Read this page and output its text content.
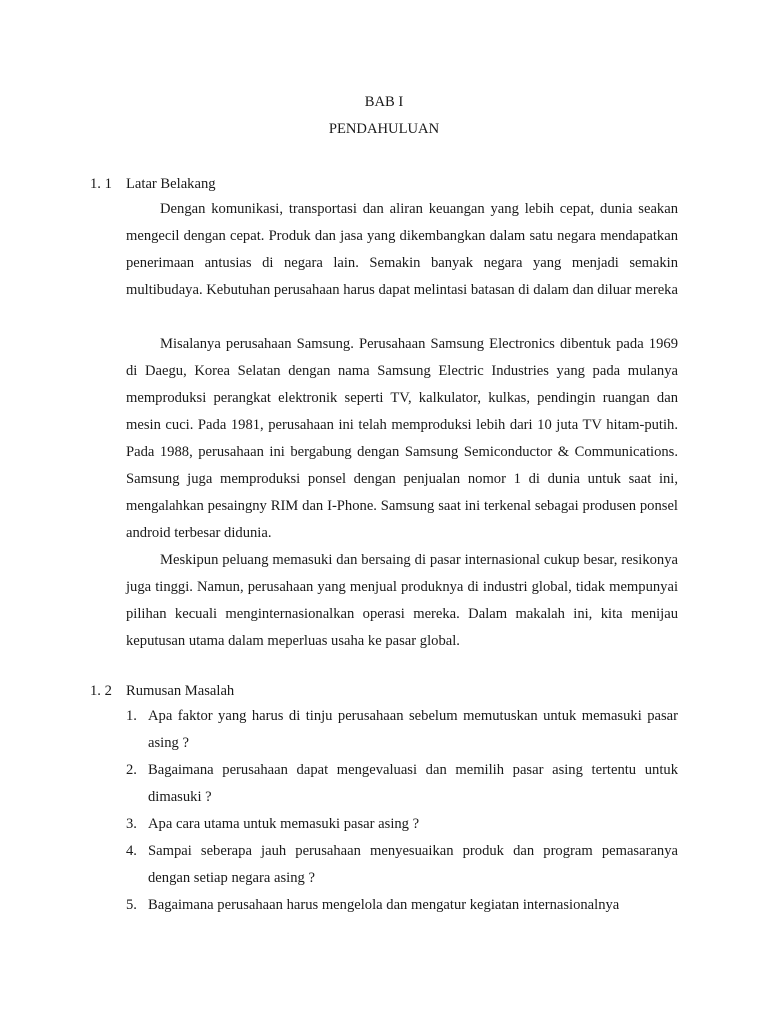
BAB I
PENDAHULUAN
1. 1 Latar Belakang

Dengan komunikasi, transportasi dan aliran keuangan yang lebih cepat, dunia seakan mengecil dengan cepat. Produk dan jasa yang dikembangkan dalam satu negara mendapatkan penerimaan antusias di negara lain. Semakin banyak negara yang menjadi semakin multibudaya. Kebutuhan perusahaan harus dapat melintasi batasan di dalam dan diluar mereka

Misalanya perusahaan Samsung. Perusahaan Samsung Electronics dibentuk pada 1969 di Daegu, Korea Selatan dengan nama Samsung Electric Industries yang pada mulanya memproduksi perangkat elektronik seperti TV, kalkulator, kulkas, pendingin ruangan dan mesin cuci. Pada 1981, perusahaan ini telah memproduksi lebih dari 10 juta TV hitam-putih. Pada 1988, perusahaan ini bergabung dengan Samsung Semiconductor & Communications. Samsung juga memproduksi ponsel dengan penjualan nomor 1 di dunia untuk saat ini, mengalahkan pesaingny RIM dan I-Phone. Samsung saat ini terkenal sebagai produsen ponsel android terbesar didunia.

Meskipun peluang memasuki dan bersaing di pasar internasional cukup besar, resikonya juga tinggi. Namun, perusahaan yang menjual produknya di industri global, tidak mempunyai pilihan kecuali menginternasionalkan operasi mereka. Dalam makalah ini, kita menijau keputusan utama dalam meperluas usaha ke pasar global.

1. 2 Rumusan Masalah
1. Apa faktor yang harus di tinju perusahaan sebelum memutuskan untuk memasuki pasar asing ?
2. Bagaimana perusahaan dapat mengevaluasi dan memilih pasar asing tertentu untuk dimasuki ?
3. Apa cara utama untuk memasuki pasar asing ?
4. Sampai seberapa jauh perusahaan menyesuaikan produk dan program pemasaranya dengan setiap negara asing ?
5. Bagaimana perusahaan harus mengelola dan mengatur kegiatan internasionalnya
